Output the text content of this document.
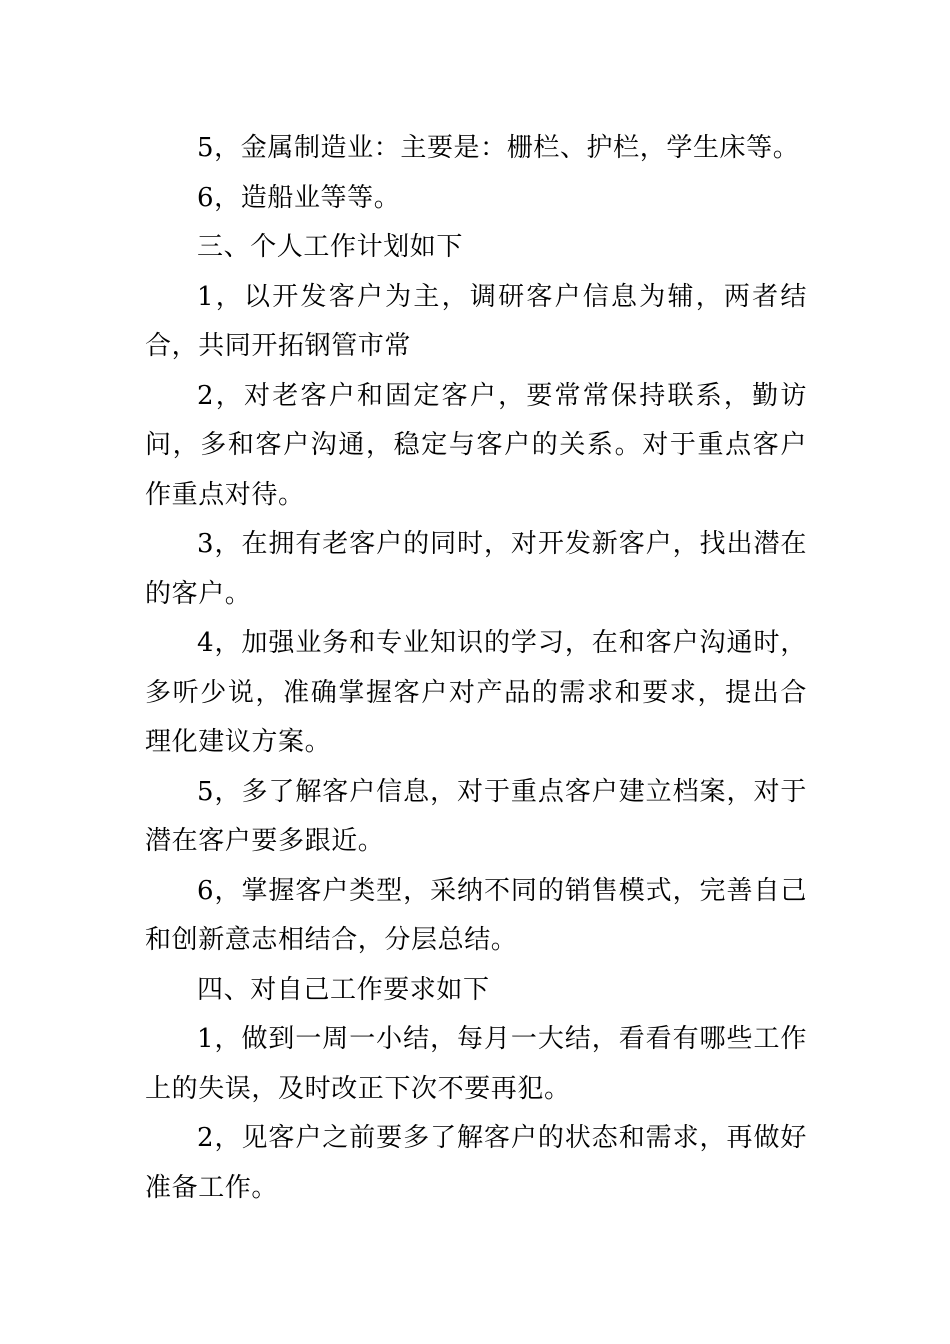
5，金属制造业：主要是：栅栏、护栏，学生床等。

6，造船业等等。

三、个人工作计划如下

1，以开发客户为主，调研客户信息为辅，两者结合，共同开拓钢管市常

2，对老客户和固定客户，要常常保持联系，勤访问，多和客户沟通，稳定与客户的关系。对于重点客户作重点对待。

3，在拥有老客户的同时，对开发新客户，找出潜在的客户。

4，加强业务和专业知识的学习，在和客户沟通时，多听少说，准确掌握客户对产品的需求和要求，提出合理化建议方案。

5，多了解客户信息，对于重点客户建立档案，对于潜在客户要多跟近。

6，掌握客户类型，采纳不同的销售模式，完善自己和创新意志相结合，分层总结。

四、对自己工作要求如下

1，做到一周一小结，每月一大结，看看有哪些工作上的失误，及时改正下次不要再犯。

2，见客户之前要多了解客户的状态和需求，再做好准备工作。
